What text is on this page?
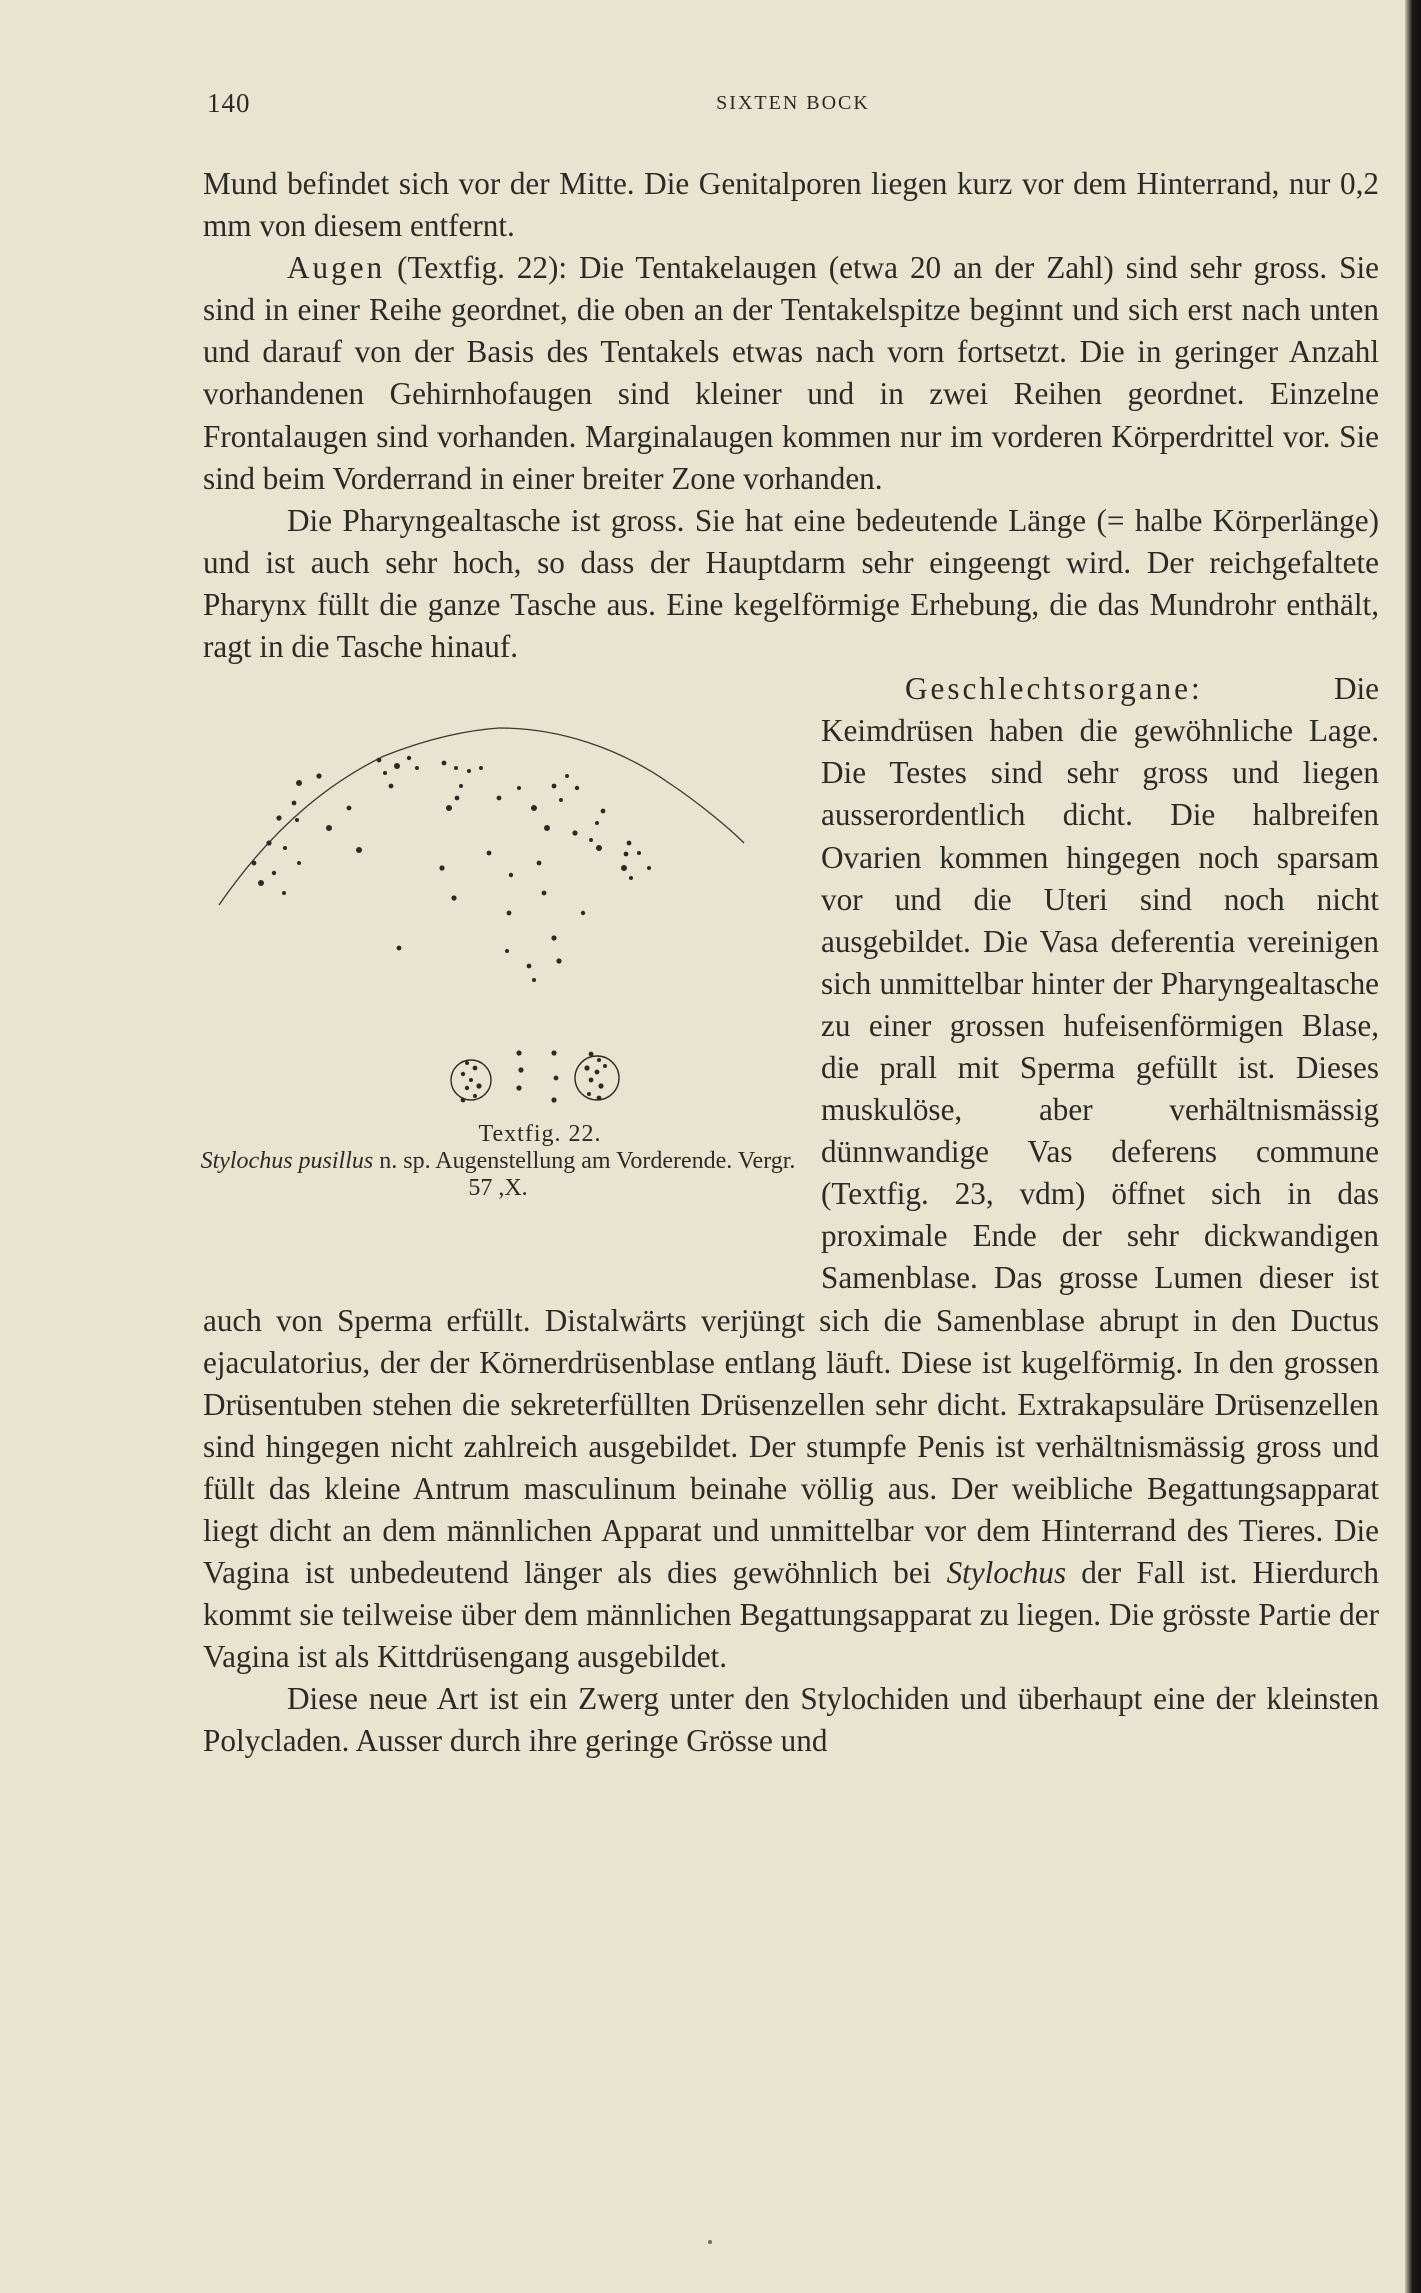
140	SIXTEN BOCK

Mund befindet sich vor der Mitte. Die Genitalporen liegen kurz vor dem Hinterrand, nur 0,2 mm von diesem entfernt.

Augen (Textfig. 22): Die Tentakelaugen (etwa 20 an der Zahl) sind sehr gross. Sie sind in einer Reihe geordnet, die oben an der Tentakelspitze beginnt und sich erst nach unten und darauf von der Basis des Tentakels etwas nach vorn fortsetzt. Die in geringer Anzahl vorhandenen Gehirnhofaugen sind kleiner und in zwei Reihen geordnet. Einzelne Frontalaugen sind vorhanden. Marginalaugen kommen nur im vorderen Körperdrittel vor. Sie sind beim Vorderrand in einer breiter Zone vorhanden.

Die Pharyngealtasche ist gross. Sie hat eine bedeutende Länge (= halbe Körperlänge) und ist auch sehr hoch, so dass der Hauptdarm sehr eingeengt wird. Der reichgefaltete Pharynx füllt die ganze Tasche aus. Eine kegelförmige Erhebung, die das Mundrohr enthält, ragt in die Tasche hinauf.

Geschlechtsorgane:
Textfig. 22.
Stylochus pusillus n. sp. Augenstellung am Vorderende. Vergr. 57 ,X.
Die Keimdrüsen haben die gewöhnliche Lage. Die Testes sind sehr gross und liegen ausserordentlich dicht. Die halbreifen Ovarien kommen hingegen noch sparsam vor und die Uteri sind noch nicht ausgebildet. Die Vasa deferentia vereinigen sich unmittelbar hinter der Pharyngealtasche zu einer grossen hufeisenförmigen Blase, die prall mit Sperma gefüllt ist. Dieses muskulöse, aber verhältnismässig dünnwandige Vas deferens commune (Textfig. 23, vdm) öffnet sich in das proximale Ende der sehr dickwandigen Samenblase. Das grosse Lumen dieser ist auch von Sperma erfüllt. Distalwärts verjüngt sich die Samenblase abrupt in den Ductus ejaculatorius, der der Körnerdrüsenblase entlang läuft. Diese ist kugelförmig. In den grossen Drüsentuben stehen die sekreterfüllten Drüsenzellen sehr dicht. Extrakapsuläre Drüsenzellen sind hingegen nicht zahlreich ausgebildet. Der stumpfe Penis ist verhältnismässig gross und füllt das kleine Antrum masculinum beinahe völlig aus. Der weibliche Begattungsapparat liegt dicht an dem männlichen Apparat und unmittelbar vor dem Hinterrand des Tieres. Die Vagina ist unbedeutend länger als dies gewöhnlich bei Stylochus der Fall ist. Hierdurch kommt sie teilweise über dem männlichen Begattungsapparat zu liegen. Die grösste Partie der Vagina ist als Kittdrüsengang ausgebildet.

Diese neue Art ist ein Zwerg unter den Stylochiden und überhaupt eine der kleinsten Polycladen. Ausser durch ihre geringe Grösse und
